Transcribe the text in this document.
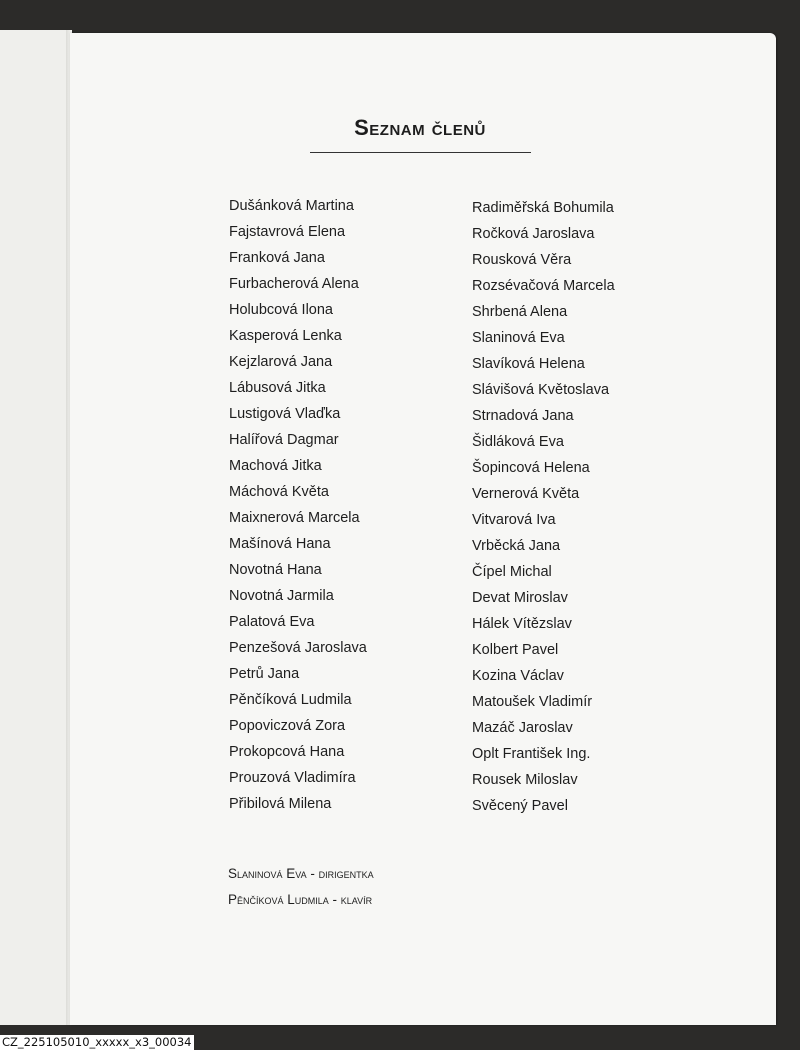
Seznam členů
Dušánková Martina
Fajstavrová Elena
Franková Jana
Furbacherová Alena
Holubcová Ilona
Kasperová Lenka
Kejzlarová Jana
Lábusová Jitka
Lustigová Vlaďka
Halířová Dagmar
Machová Jitka
Máchová Květa
Maixnerová Marcela
Mašínová Hana
Novotná Hana
Novotná Jarmila
Palatová Eva
Penzešová Jaroslava
Petrů Jana
Pěnčíková Ludmila
Popoviczová Zora
Prokopcová Hana
Prouzová Vladimíra
Přibilová Milena
Radiměřská Bohumila
Ročková Jaroslava
Rousková Věra
Rozsévačová Marcela
Shrbená Alena
Slaninová Eva
Slavíková Helena
Slávišová Květoslava
Strnadová Jana
Šidláková Eva
Šopincová Helena
Vernerová Květa
Vitvarová Iva
Vrběcká Jana
Čípel Michal
Devat Miroslav
Hálek Vítězslav
Kolbert Pavel
Kozina Václav
Matoušek Vladimír
Mazáč Jaroslav
Oplt František Ing.
Rousek Miloslav
Svěcený Pavel
Slaninová Eva - dirigentka
Pěnčíková Ludmila - klavír
CZ_225105010_xxxxx_x3_00034
